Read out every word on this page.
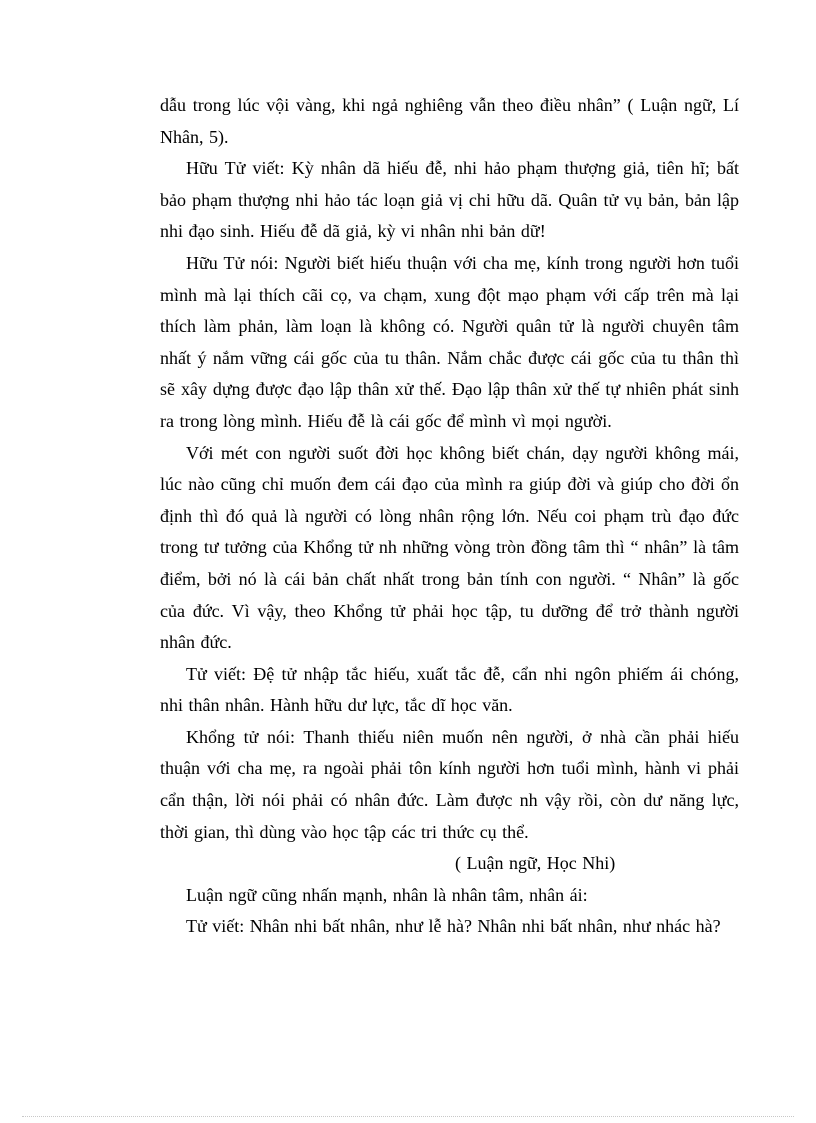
dẫu trong lúc vội vàng, khi ngả nghiêng vẫn theo điều nhân” ( Luận ngữ, Lí Nhân, 5).

Hữu Tử viết: Kỳ nhân dã hiếu đễ, nhi hảo phạm thượng giả, tiên hĩ; bất bảo phạm thượng nhi hảo tác loạn giả vị chi hữu dã. Quân tử vụ bản, bản lập nhi đạo sinh. Hiếu đễ dã giả, kỳ vi nhân nhi bản dữ!

Hữu Tử nói: Người biết hiếu thuận với cha mẹ, kính trong người hơn tuổi mình mà lại thích cãi cọ, va chạm, xung đột mạo phạm với cấp trên mà lại thích làm phản, làm loạn là không có. Người quân tử là người chuyên tâm nhất ý nắm vững cái gốc của tu thân. Nắm chắc được cái gốc của tu thân thì sẽ xây dựng được đạo lập thân xử thế. Đạo lập thân xử thế tự nhiên phát sinh ra trong lòng mình. Hiếu đễ là cái gốc để mình vì mọi người.

Với mét con người suốt đời học không biết chán, dạy người không mái, lúc nào cũng chỉ muốn đem cái đạo của mình ra giúp đời và giúp cho đời ổn định thì đó quả là người có lòng nhân rộng lớn. Nếu coi phạm trù đạo đức trong tư tưởng của Khổng tử nh những vòng tròn đồng tâm thì “ nhân” là tâm điểm, bởi nó là cái bản chất nhất trong bản tính con người. “ Nhân” là gốc của đức. Vì vậy, theo Khổng tử phải học tập, tu dưỡng để trở thành người nhân đức.

Tử viết: Đệ tử nhập tắc hiếu, xuất tắc đễ, cẩn nhi ngôn phiếm ái chóng, nhi thân nhân. Hành hữu dư lực, tắc dĩ học văn.

Khổng tử nói: Thanh thiếu niên muốn nên người, ở nhà cần phải hiếu thuận với cha mẹ, ra ngoài phải tôn kính người hơn tuổi mình, hành vi phải cẩn thận, lời nói phải có nhân đức. Làm được nh vậy rồi, còn dư năng lực, thời gian, thì dùng vào học tập các tri thức cụ thể.

( Luận ngữ, Học Nhi)

Luận ngữ cũng nhấn mạnh, nhân là nhân tâm, nhân ái:

Tử viết: Nhân nhi bất nhân, như lễ hà? Nhân nhi bất nhân, như nhác hà?
